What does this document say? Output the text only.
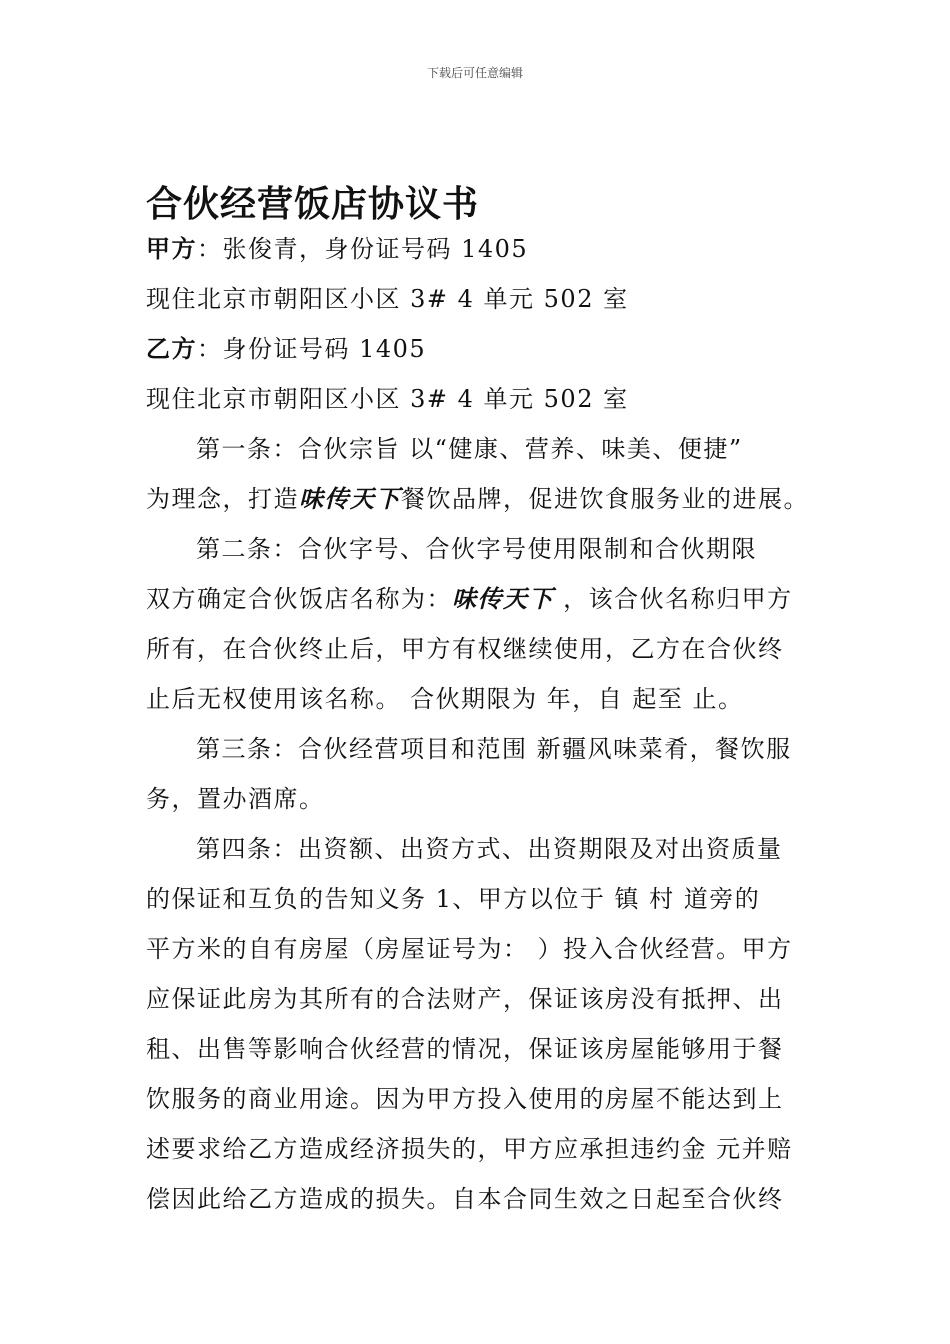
下载后可任意编辑
合伙经营饭店协议书
甲方：张俊青，身份证号码 1405
现住北京市朝阳区小区 3# 4 单元 502 室
乙方：身份证号码 1405
现住北京市朝阳区小区 3# 4 单元 502 室
第一条：合伙宗旨 以“健康、营养、味美、便捷”
为理念，打造味传天下餐饮品牌，促进饮食服务业的进展。
第二条：合伙字号、合伙字号使用限制和合伙期限
双方确定合伙饭店名称为：味传天下 ，该合伙名称归甲方
所有，在合伙终止后，甲方有权继续使用，乙方在合伙终
止后无权使用该名称。 合伙期限为 年，自 起至 止。
第三条：合伙经营项目和范围 新疆风味菜肴，餐饮服
务，置办酒席。
第四条：出资额、出资方式、出资期限及对出资质量
的保证和互负的告知义务 1、甲方以位于 镇 村 道旁的
平方米的自有房屋（房屋证号为： ）投入合伙经营。甲方
应保证此房为其所有的合法财产，保证该房没有抵押、出
租、出售等影响合伙经营的情况，保证该房屋能够用于餐
饮服务的商业用途。因为甲方投入使用的房屋不能达到上
述要求给乙方造成经济损失的，甲方应承担违约金 元并赔
偿因此给乙方造成的损失。自本合同生效之日起至合伙终
